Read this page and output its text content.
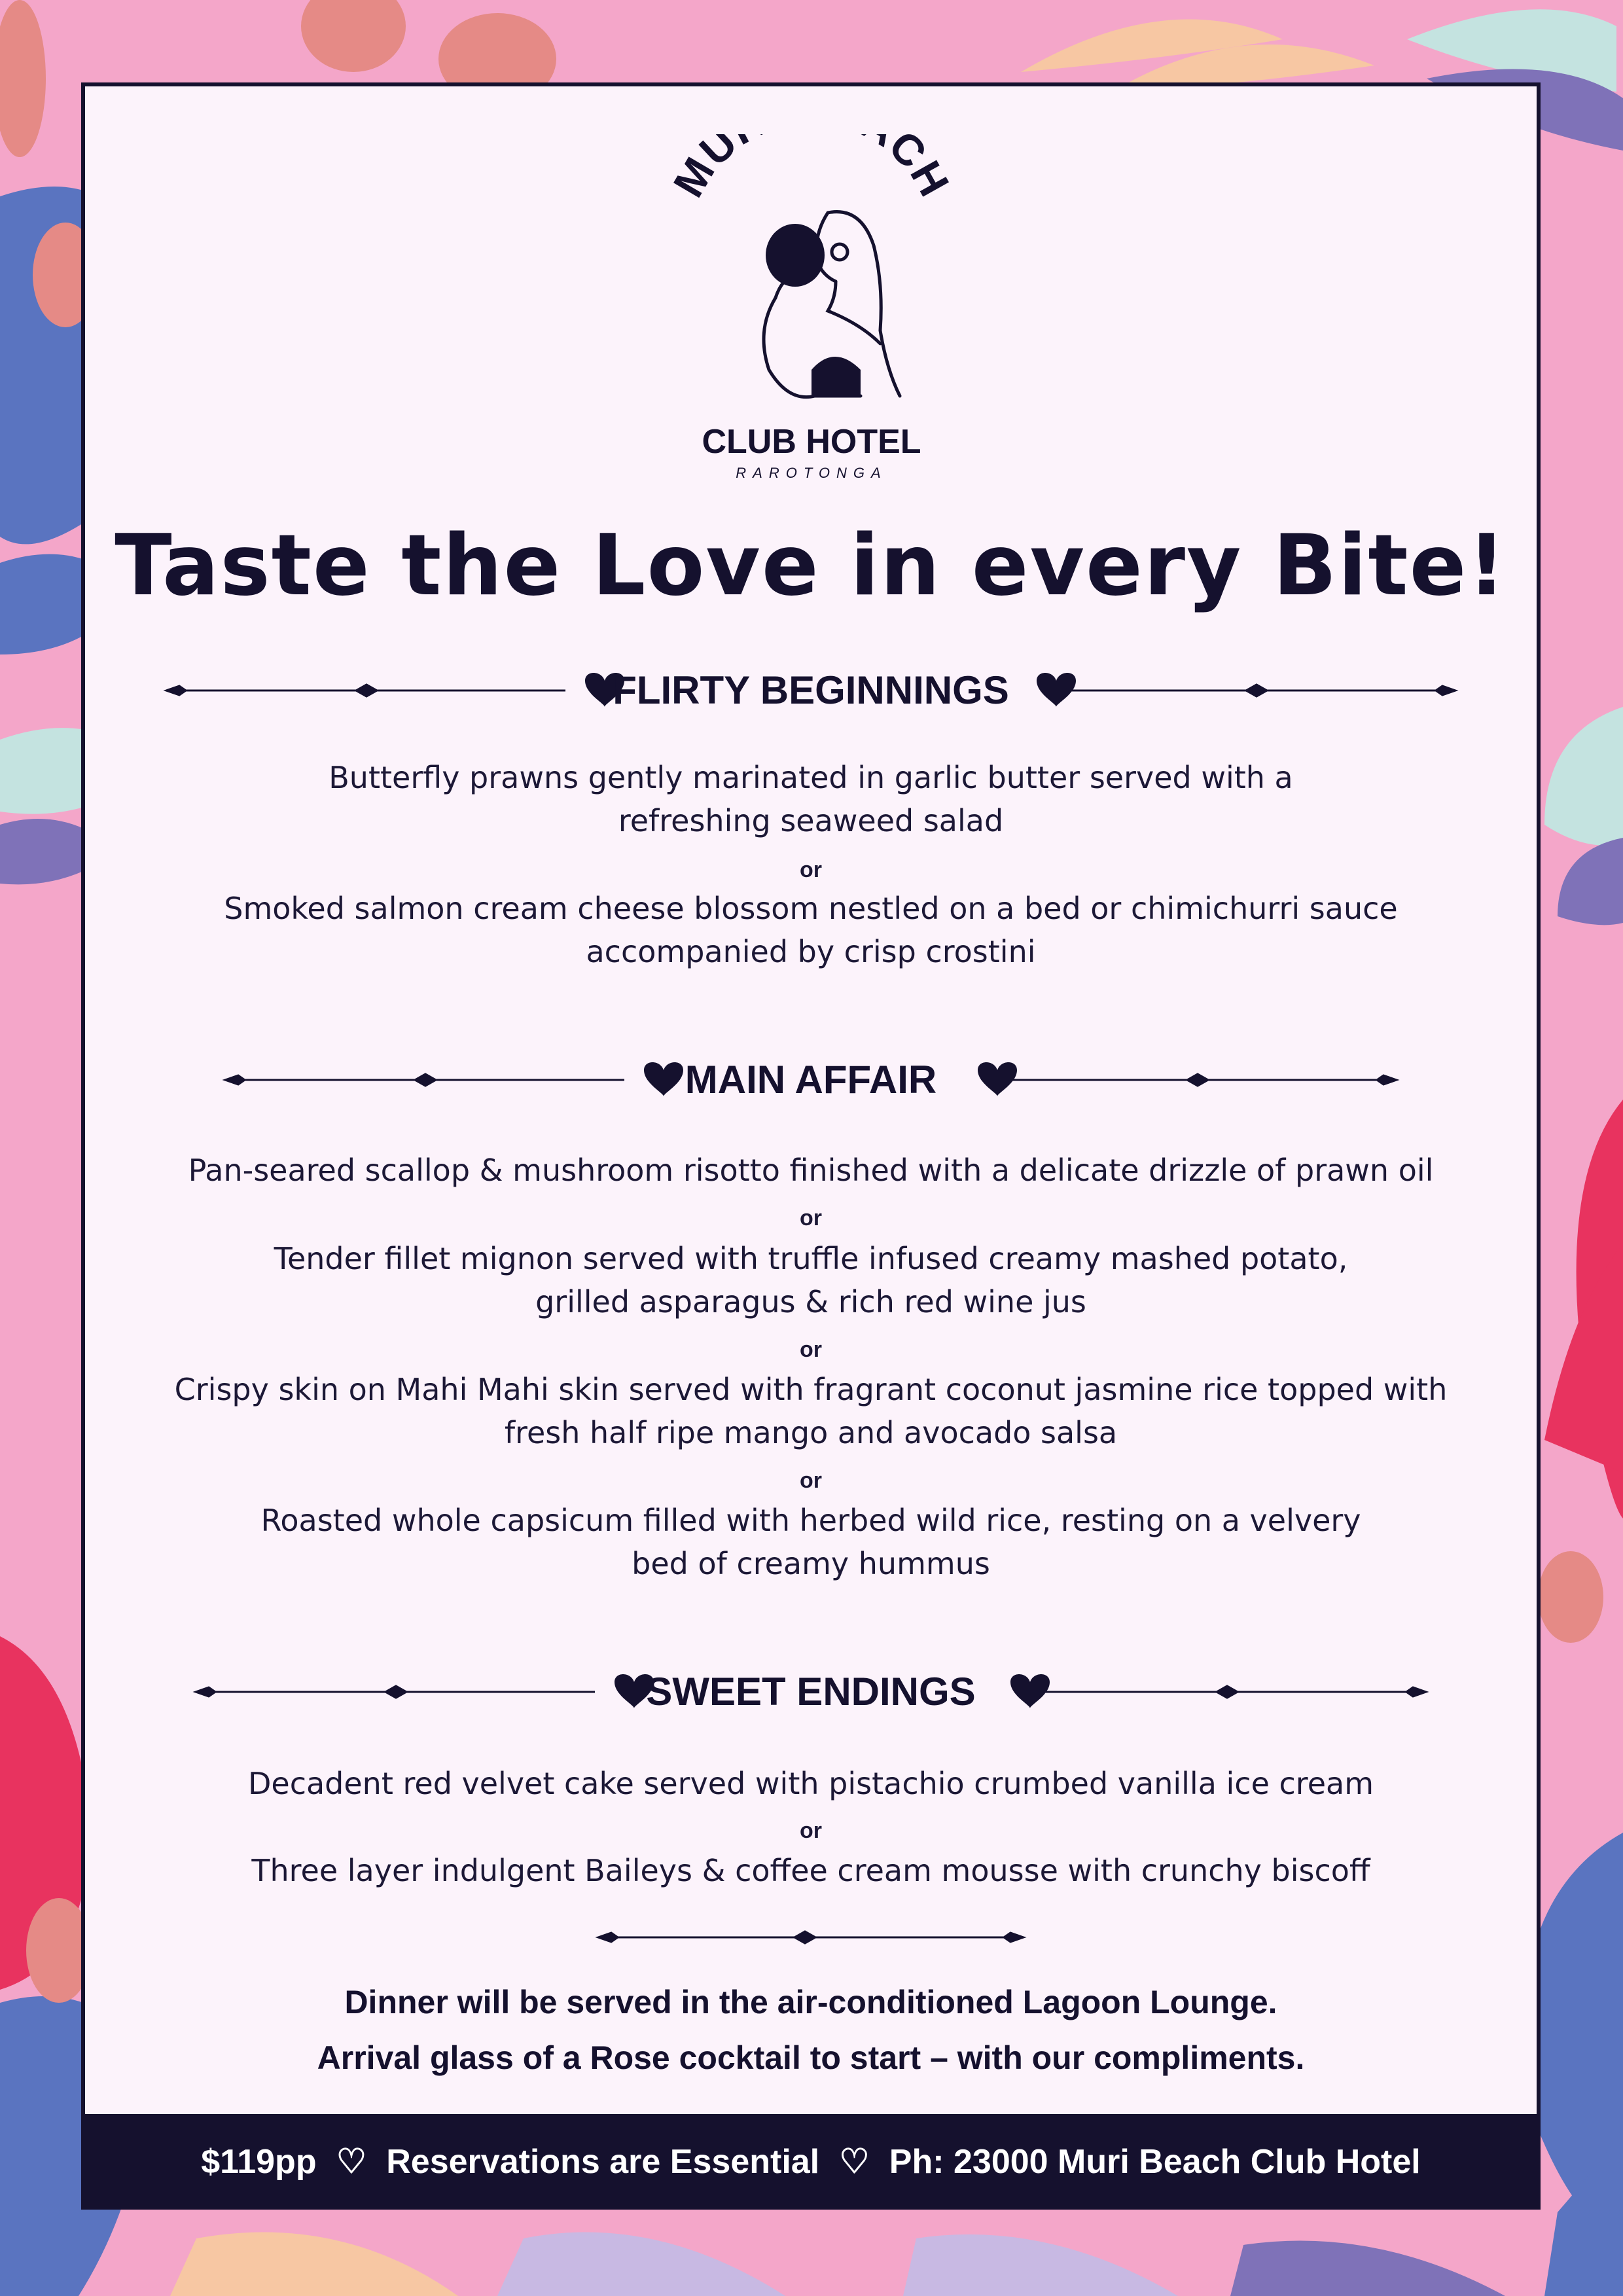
MU CH
CLUB HOTEL
RAROTONGA
Taste the Love in every Bite!
FLIRTY BEGINNINGS
Butterfly prawns gently marinated in garlic butter served with a
refreshing seaweed salad
or
Smoked salmon cream cheese blossom nestled on a bed or chimichurri sauce
accompanied by crisp crostini
MAIN AFFAIR
Pan-seared scallop & mushroom risotto finished with a delicate drizzle of prawn oil
or
Tender fillet mignon served with truffle infused creamy mashed potato,
grilled asparagus & rich red wine jus
or
Crispy skin on Mahi Mahi skin served with fragrant coconut jasmine rice topped with
fresh half ripe mango and avocado salsa
or
Roasted whole capsicum filled with herbed wild rice, resting on a velvery
bed of creamy hummus
SWEET ENDINGS
Decadent red velvet cake served with pistachio crumbed vanilla ice cream
or
Three layer indulgent Baileys & coffee cream mousse with crunchy biscoff
Dinner will be served in the air-conditioned Lagoon Lounge.
Arrival glass of a Rose cocktail to start – with our compliments.
$119pp ♡ Reservations are Essential ♡ Ph: 23000 Muri Beach Club Hotel
